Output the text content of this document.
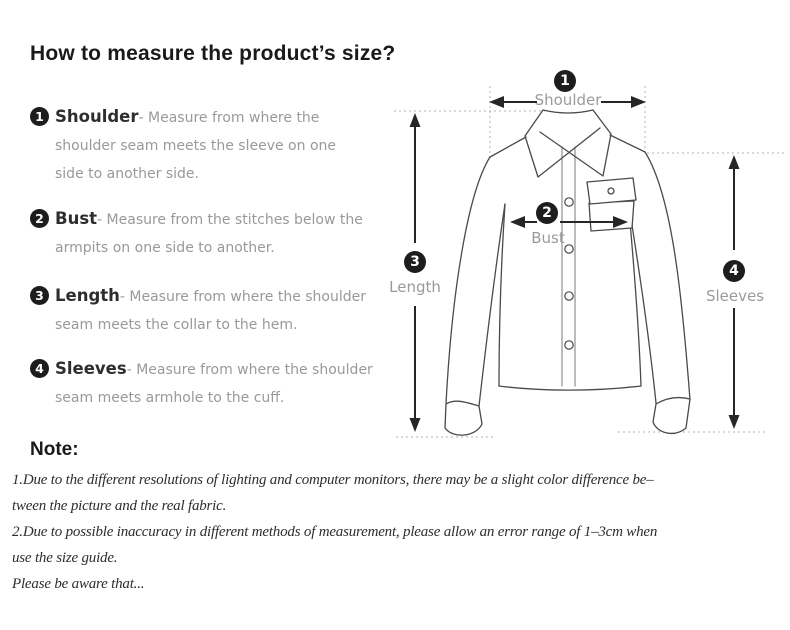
How to measure the product’s size?
1 Shoulder- Measure from where the
shoulder seam meets the sleeve on one
side to another side.
2 Bust- Measure from the stitches below the
armpits on one side to another.
3 Length- Measure from where the shoulder
seam meets the collar to the hem.
4 Sleeves- Measure from where the shoulder
seam meets armhole to the cuff.
1
Shoulder
2
Bust
3
Length
4
Sleeves
Note:
1.Due to the different resolutions of lighting and computer monitors, there may be a slight color difference be–
tween the picture and the real fabric.
2.Due to possible inaccuracy in different methods of measurement, please allow an error range of 1–3cm when
use the size guide.
Please be aware that...
